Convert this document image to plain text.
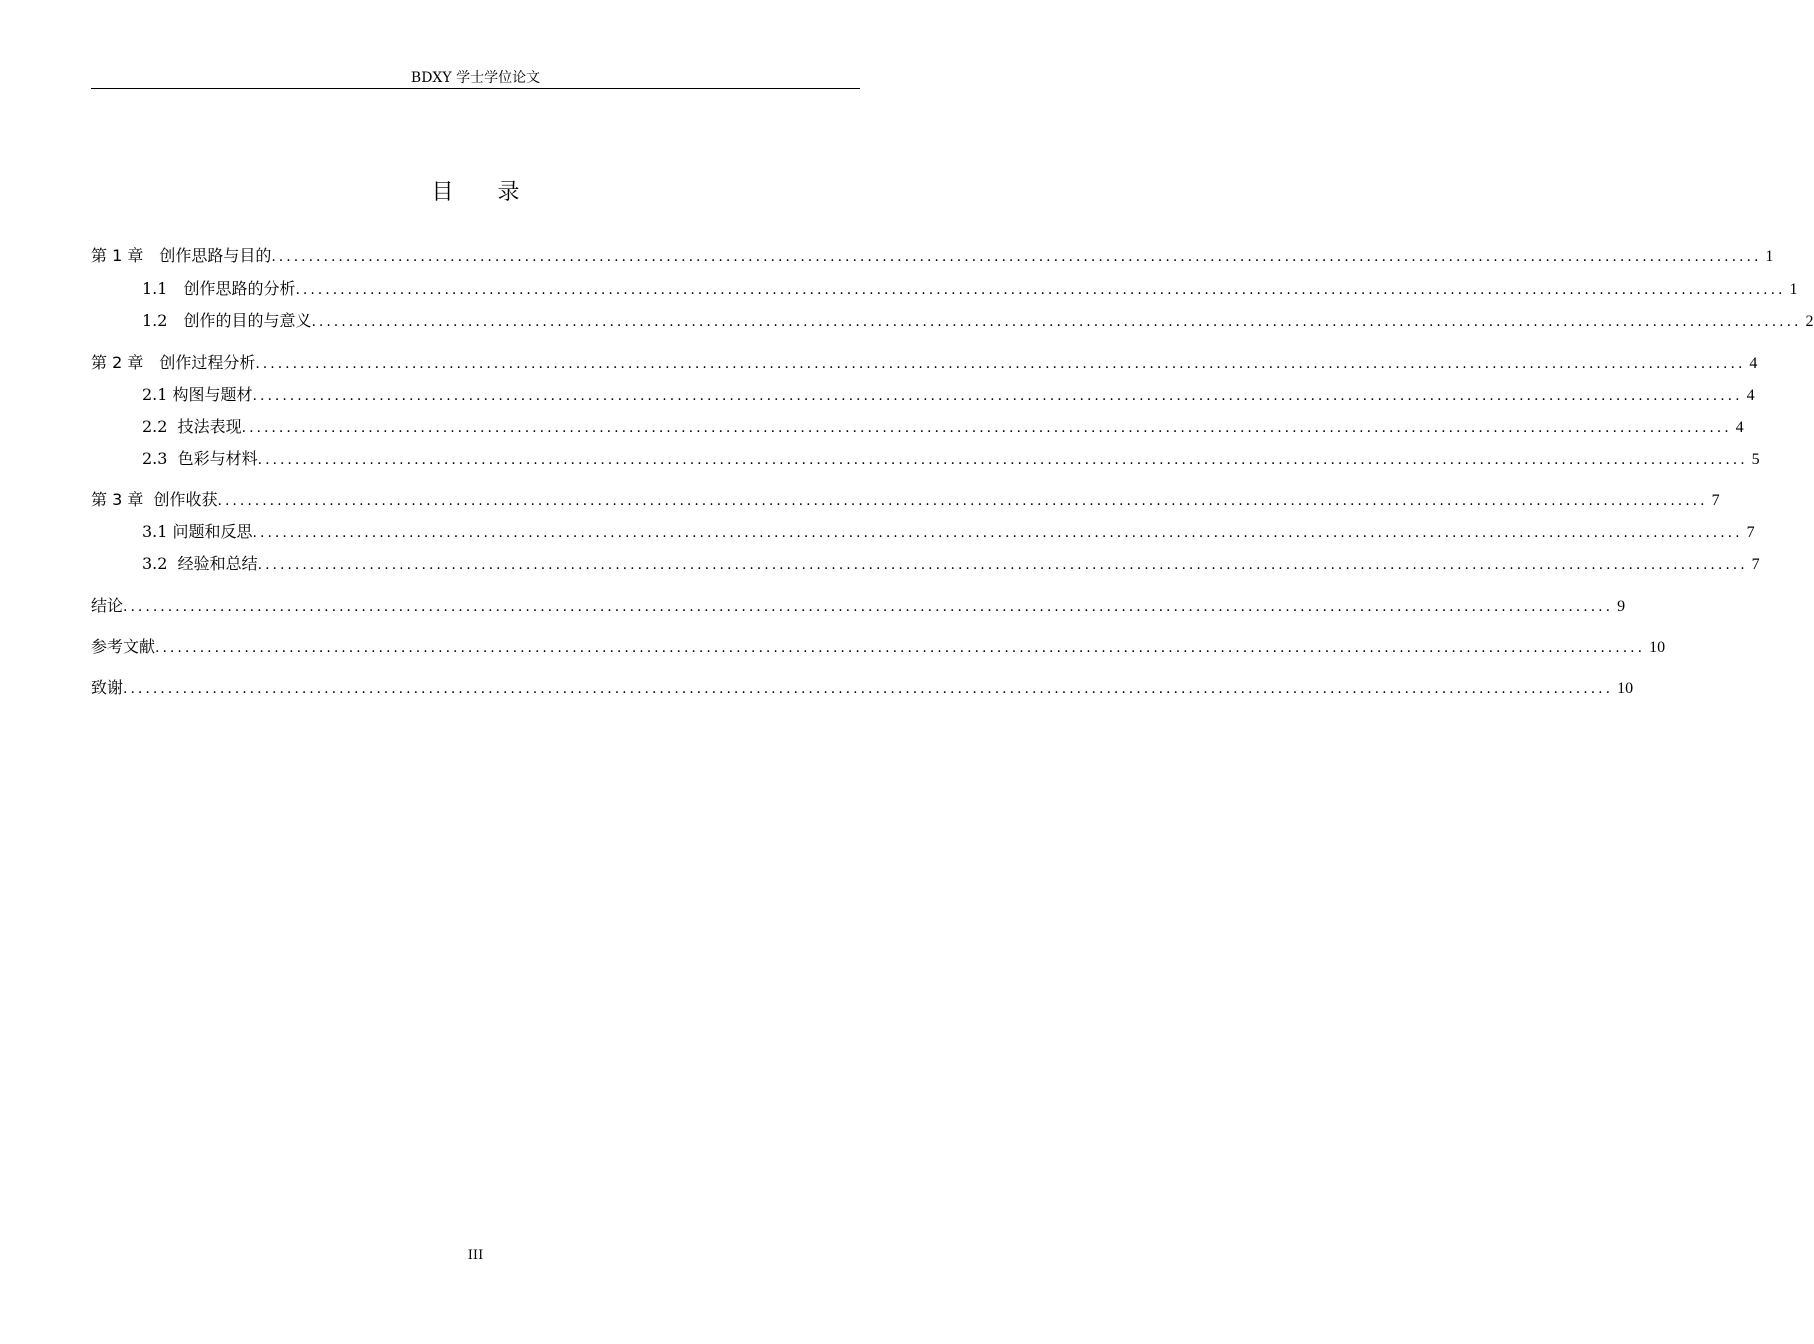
BDXY 学士学位论文
目录
第 1 章　创作思路与目的 ........................................................................................................................................................................................................ 1
1.1　创作思路的分析 ........................................................................................................................................................................................................ 1
1.2　创作的目的与意义 ........................................................................................................................................................................................................ 2
第 2 章　创作过程分析 ........................................................................................................................................................................................................ 4
2.1 构图与题材 ........................................................................................................................................................................................................ 4
2.2  技法表现 ........................................................................................................................................................................................................ 4
2.3  色彩与材料 ........................................................................................................................................................................................................ 5
第 3 章  创作收获 ........................................................................................................................................................................................................ 7
3.1 问题和反思 ........................................................................................................................................................................................................ 7
3.2  经验和总结 ........................................................................................................................................................................................................ 7
结论 ........................................................................................................................................................................................................ 9
参考文献 ........................................................................................................................................................................................................ 10
致谢 ........................................................................................................................................................................................................ 10
III
